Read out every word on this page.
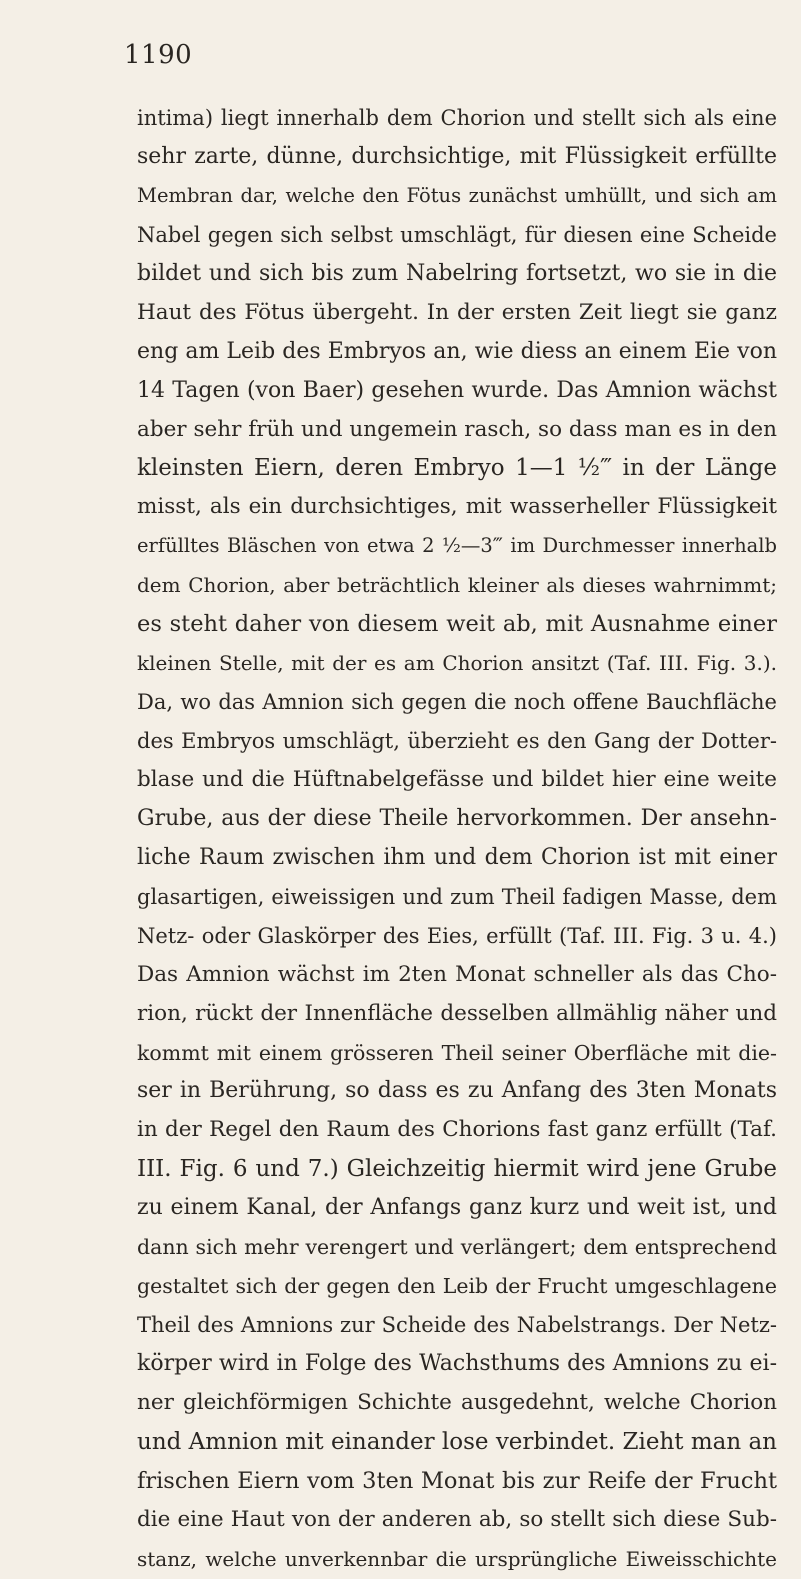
1190
intima) liegt innerhalb dem Chorion und stellt sich als eine
sehr zarte, dünne, durchsichtige, mit Flüssigkeit erfüllte
Membran dar, welche den Fötus zunächst umhüllt, und sich am
Nabel gegen sich selbst umschlägt, für diesen eine Scheide
bildet und sich bis zum Nabelring fortsetzt, wo sie in die
Haut des Fötus übergeht. In der ersten Zeit liegt sie ganz
eng am Leib des Embryos an, wie diess an einem Eie von
14 Tagen (von Baer) gesehen wurde. Das Amnion wächst
aber sehr früh und ungemein rasch, so dass man es in den
kleinsten Eiern, deren Embryo 1—1 ½‴ in der Länge
misst, als ein durchsichtiges, mit wasserheller Flüssigkeit
erfülltes Bläschen von etwa 2 ½—3‴ im Durchmesser innerhalb
dem Chorion, aber beträchtlich kleiner als dieses wahrnimmt;
es steht daher von diesem weit ab, mit Ausnahme einer
kleinen Stelle, mit der es am Chorion ansitzt (Taf. III. Fig. 3.).
Da, wo das Amnion sich gegen die noch offene Bauchfläche
des Embryos umschlägt, überzieht es den Gang der Dotter-
blase und die Hüftnabelgefässe und bildet hier eine weite
Grube, aus der diese Theile hervorkommen. Der ansehn-
liche Raum zwischen ihm und dem Chorion ist mit einer
glasartigen, eiweissigen und zum Theil fadigen Masse, dem
Netz- oder Glaskörper des Eies, erfüllt (Taf. III. Fig. 3 u. 4.)
Das Amnion wächst im 2ten Monat schneller als das Cho-
rion, rückt der Innenfläche desselben allmählig näher und
kommt mit einem grösseren Theil seiner Oberfläche mit die-
ser in Berührung, so dass es zu Anfang des 3ten Monats
in der Regel den Raum des Chorions fast ganz erfüllt (Taf.
III. Fig. 6 und 7.) Gleichzeitig hiermit wird jene Grube
zu einem Kanal, der Anfangs ganz kurz und weit ist, und
dann sich mehr verengert und verlängert; dem entsprechend
gestaltet sich der gegen den Leib der Frucht umgeschlagene
Theil des Amnions zur Scheide des Nabelstrangs. Der Netz-
körper wird in Folge des Wachsthums des Amnions zu ei-
ner gleichförmigen Schichte ausgedehnt, welche Chorion
und Amnion mit einander lose verbindet. Zieht man an
frischen Eiern vom 3ten Monat bis zur Reife der Frucht
die eine Haut von der anderen ab, so stellt sich diese Sub-
stanz, welche unverkennbar die ursprüngliche Eiweisschichte
